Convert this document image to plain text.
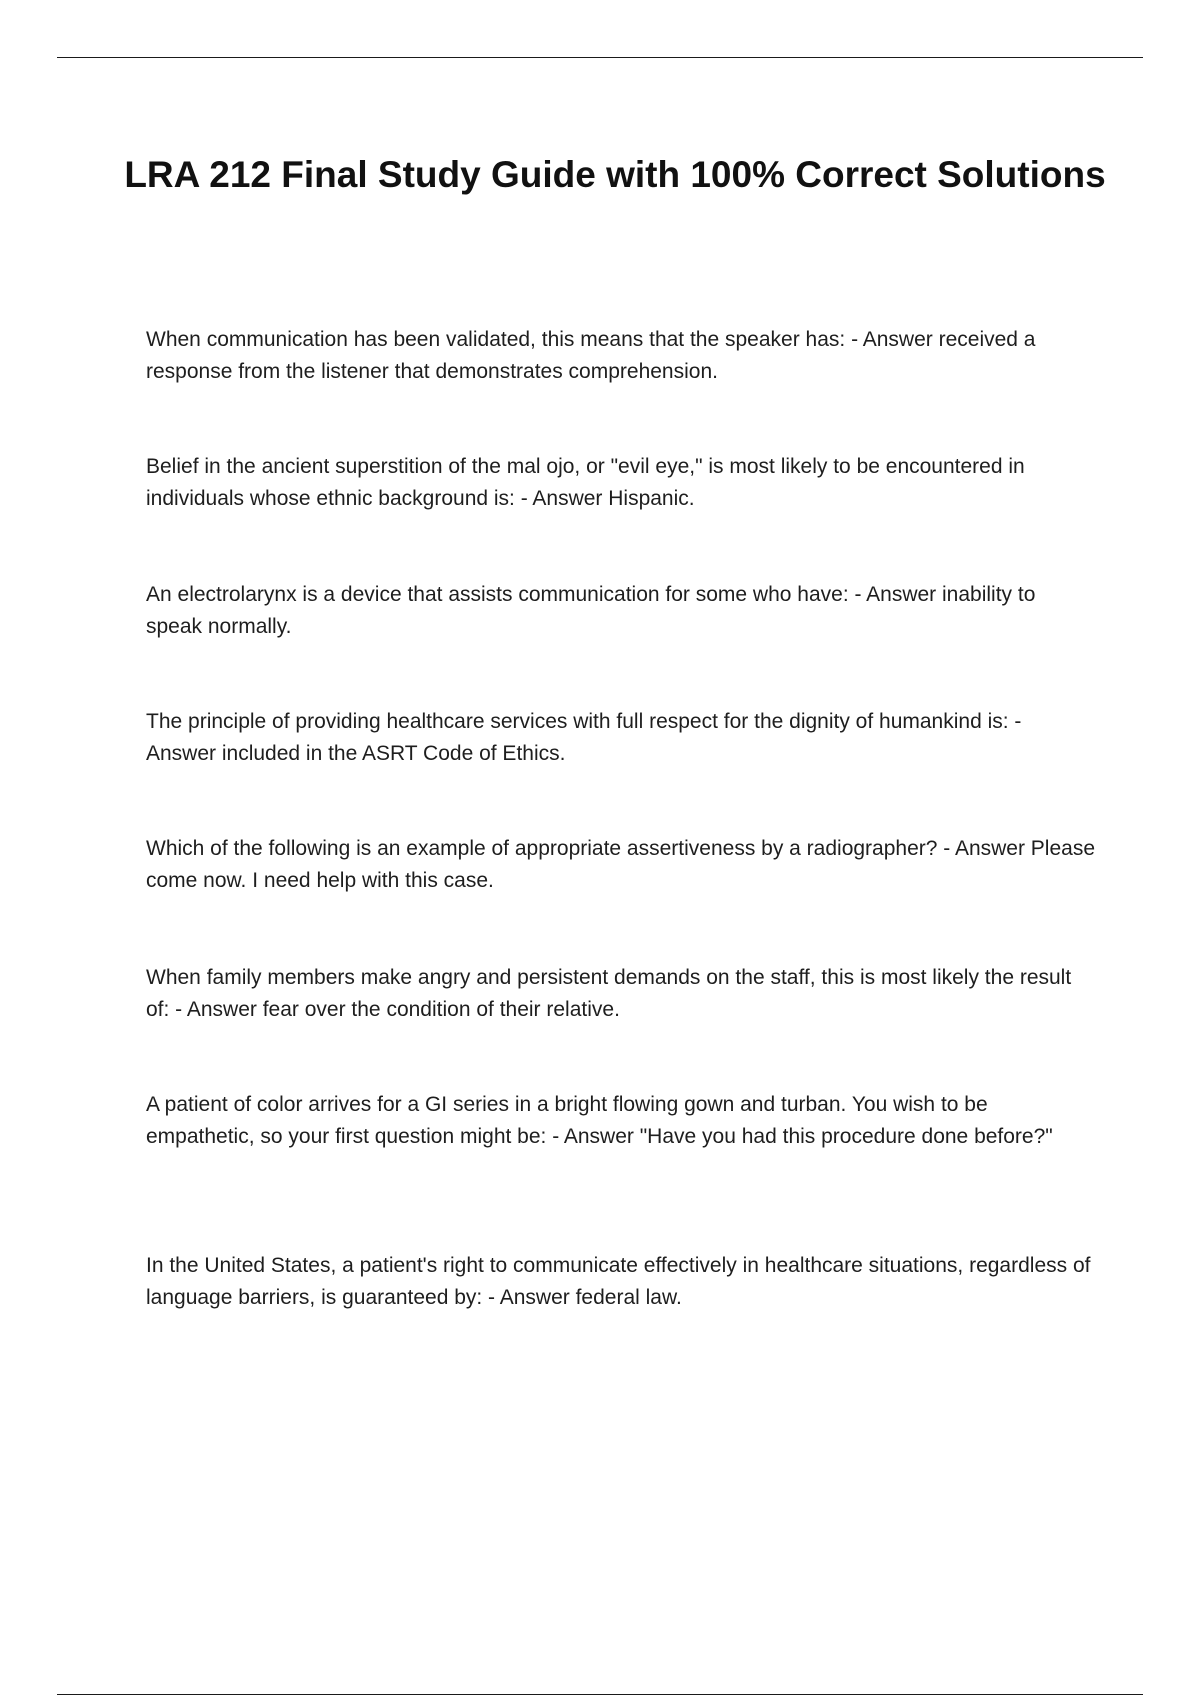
LRA 212 Final Study Guide with 100% Correct Solutions
When communication has been validated, this means that the speaker has: - Answer received a response from the listener that demonstrates comprehension.
Belief in the ancient superstition of the mal ojo, or "evil eye," is most likely to be encountered in individuals whose ethnic background is: - Answer Hispanic.
An electrolarynx is a device that assists communication for some who have: - Answer inability to speak normally.
The principle of providing healthcare services with full respect for the dignity of humankind is: - Answer included in the ASRT Code of Ethics.
Which of the following is an example of appropriate assertiveness by a radiographer? - Answer Please come now. I need help with this case.
When family members make angry and persistent demands on the staff, this is most likely the result of: - Answer fear over the condition of their relative.
A patient of color arrives for a GI series in a bright flowing gown and turban. You wish to be empathetic, so your first question might be: - Answer "Have you had this procedure done before?"
In the United States, a patient's right to communicate effectively in healthcare situations, regardless of language barriers, is guaranteed by: - Answer federal law.
